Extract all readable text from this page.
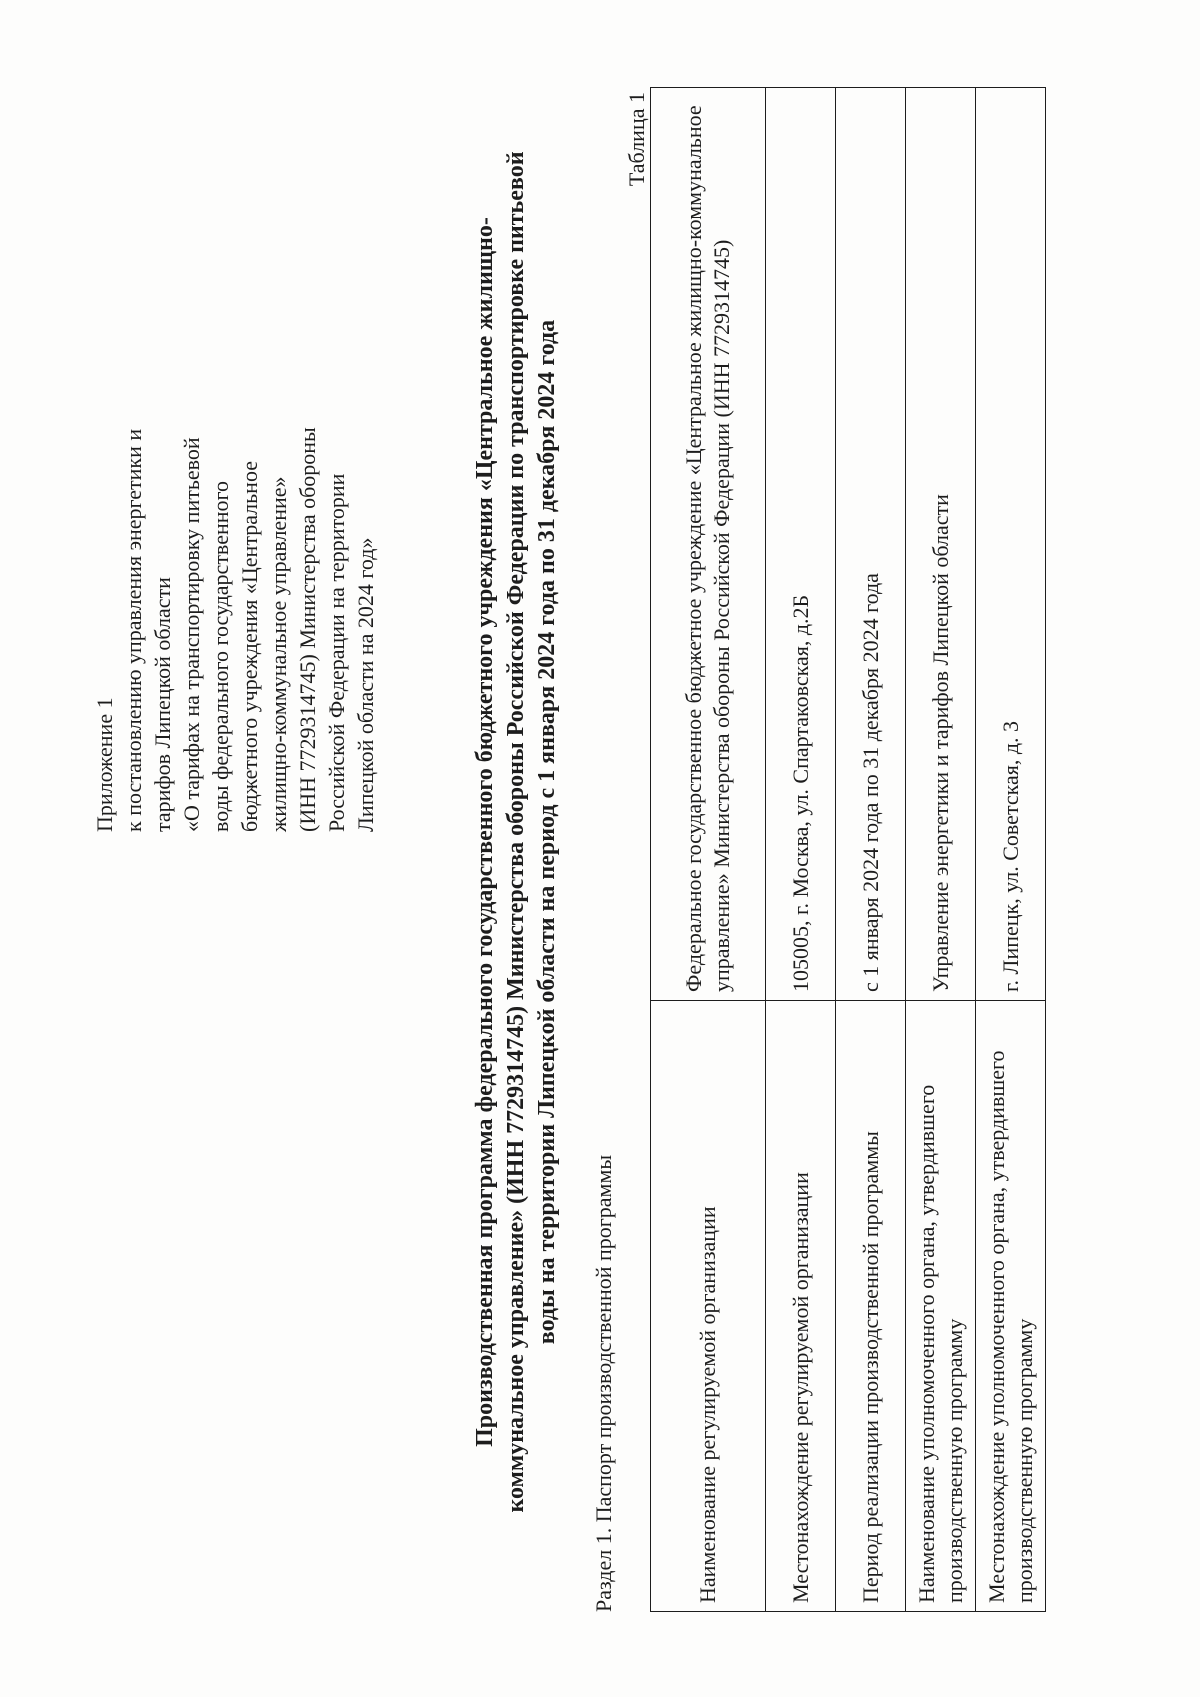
Приложение 1 к постановлению управления энергетики и тарифов Липецкой области «О тарифах на транспортировку питьевой воды федерального государственного бюджетного учреждения «Центральное жилищно-коммунальное управление» (ИНН 7729314745) Министерства обороны Российской Федерации на территории Липецкой области на 2024 год»	Производственная программа федерального государственного бюджетного учреждения «Центральное жилищно- коммунальное управление» (ИНН 7729314745) Министерства обороны Российской Федерации по транспортировке питьевой воды на территории Липецкой области на период с 1 января 2024 года по 31 декабря 2024 года
Раздел 1. Паспорт производственной программы
Таблица 1
Наименование регулируемой организации	Федеральное государственное бюджетное учреждение «Центральное жилищно-коммунальное управление» Министерства обороны Российской Федерации (ИНН 7729314745)
Местонахождение регулируемой организации	105005, г. Москва, ул. Спартаковская, д.2Б
Период реализации производственной программы	с 1 января 2024 года по 31 декабря 2024 года
Наименование уполномоченного органа, утвердившего производственную программу	Управление энергетики и тарифов Липецкой области
Местонахождение уполномоченного органа, утвердившего производственную программу	г. Липецк, ул. Советская, д. 3
